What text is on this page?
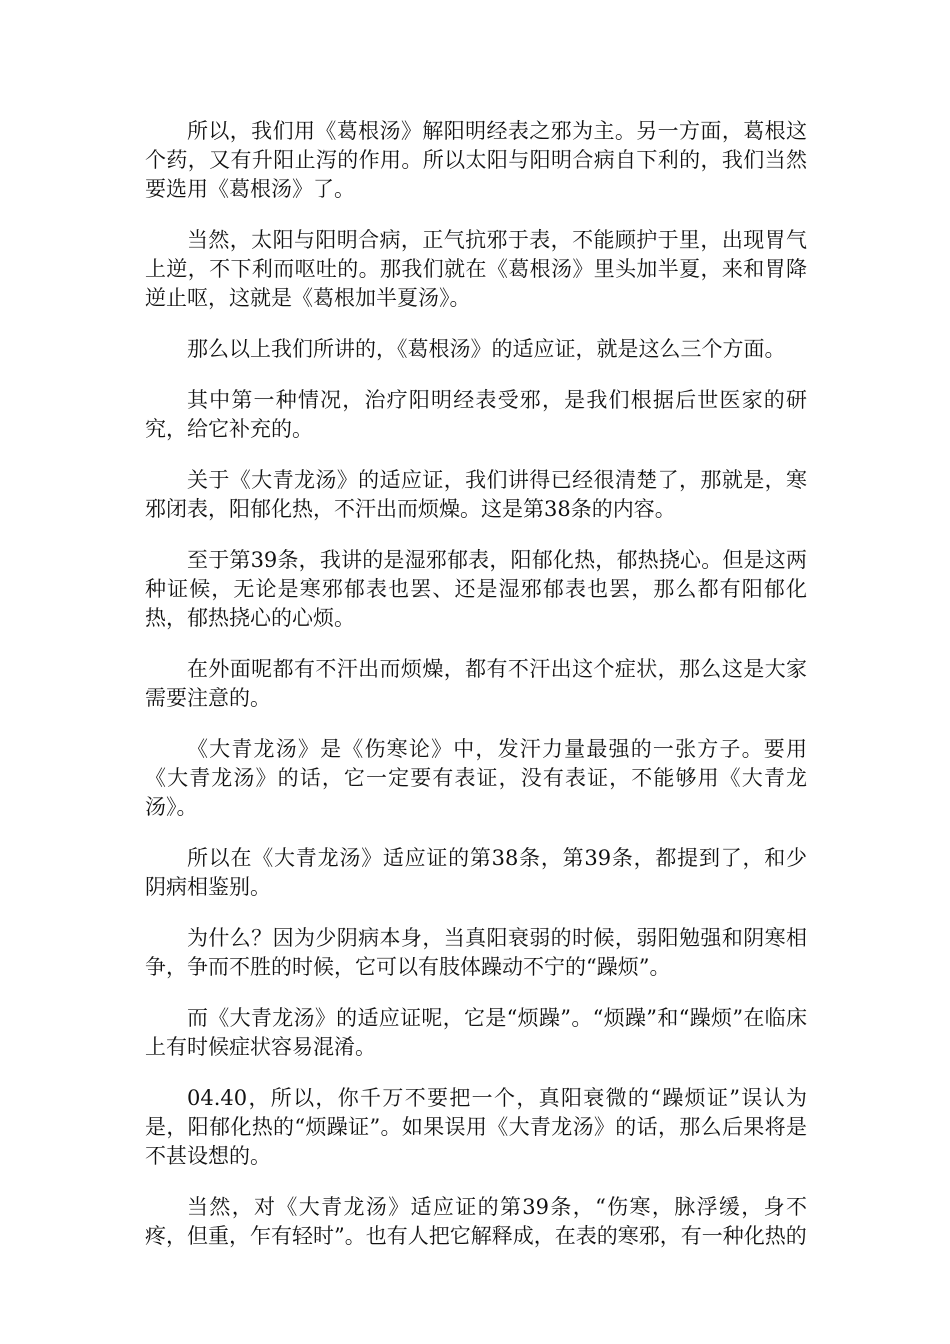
所以，我们用《葛根汤》解阳明经表之邪为主。另一方面，葛根这个药，又有升阳止泻的作用。所以太阳与阳明合病自下利的，我们当然要选用《葛根汤》了。

当然，太阳与阳明合病，正气抗邪于表，不能顾护于里，出现胃气上逆，不下利而呕吐的。那我们就在《葛根汤》里头加半夏，来和胃降逆止呕，这就是《葛根加半夏汤》。

那么以上我们所讲的，《葛根汤》的适应证，就是这么三个方面。

其中第一种情况，治疗阳明经表受邪，是我们根据后世医家的研究，给它补充的。

关于《大青龙汤》的适应证，我们讲得已经很清楚了，那就是，寒邪闭表，阳郁化热，不汗出而烦燥。这是第38条的内容。

至于第39条，我讲的是湿邪郁表，阳郁化热，郁热挠心。但是这两种证候，无论是寒邪郁表也罢、还是湿邪郁表也罢，那么都有阳郁化热，郁热挠心的心烦。

在外面呢都有不汗出而烦燥，都有不汗出这个症状，那么这是大家需要注意的。

《大青龙汤》是《伤寒论》中，发汗力量最强的一张方子。要用《大青龙汤》的话，它一定要有表证，没有表证，不能够用《大青龙汤》。

所以在《大青龙汤》适应证的第38条，第39条，都提到了，和少阴病相鉴别。

为什么？因为少阴病本身，当真阳衰弱的时候，弱阳勉强和阴寒相争，争而不胜的时候，它可以有肢体躁动不宁的“躁烦”。

而《大青龙汤》的适应证呢，它是“烦躁”。“烦躁”和“躁烦”在临床上有时候症状容易混淆。

04.40，所以，你千万不要把一个，真阳衰微的“躁烦证”误认为是，阳郁化热的“烦躁证”。如果误用《大青龙汤》的话，那么后果将是不甚设想的。

当然，对《大青龙汤》适应证的第39条，“伤寒，脉浮缓，身不疼，但重，乍有轻时”。也有人把它解释成，在表的寒邪，有一种化热的
